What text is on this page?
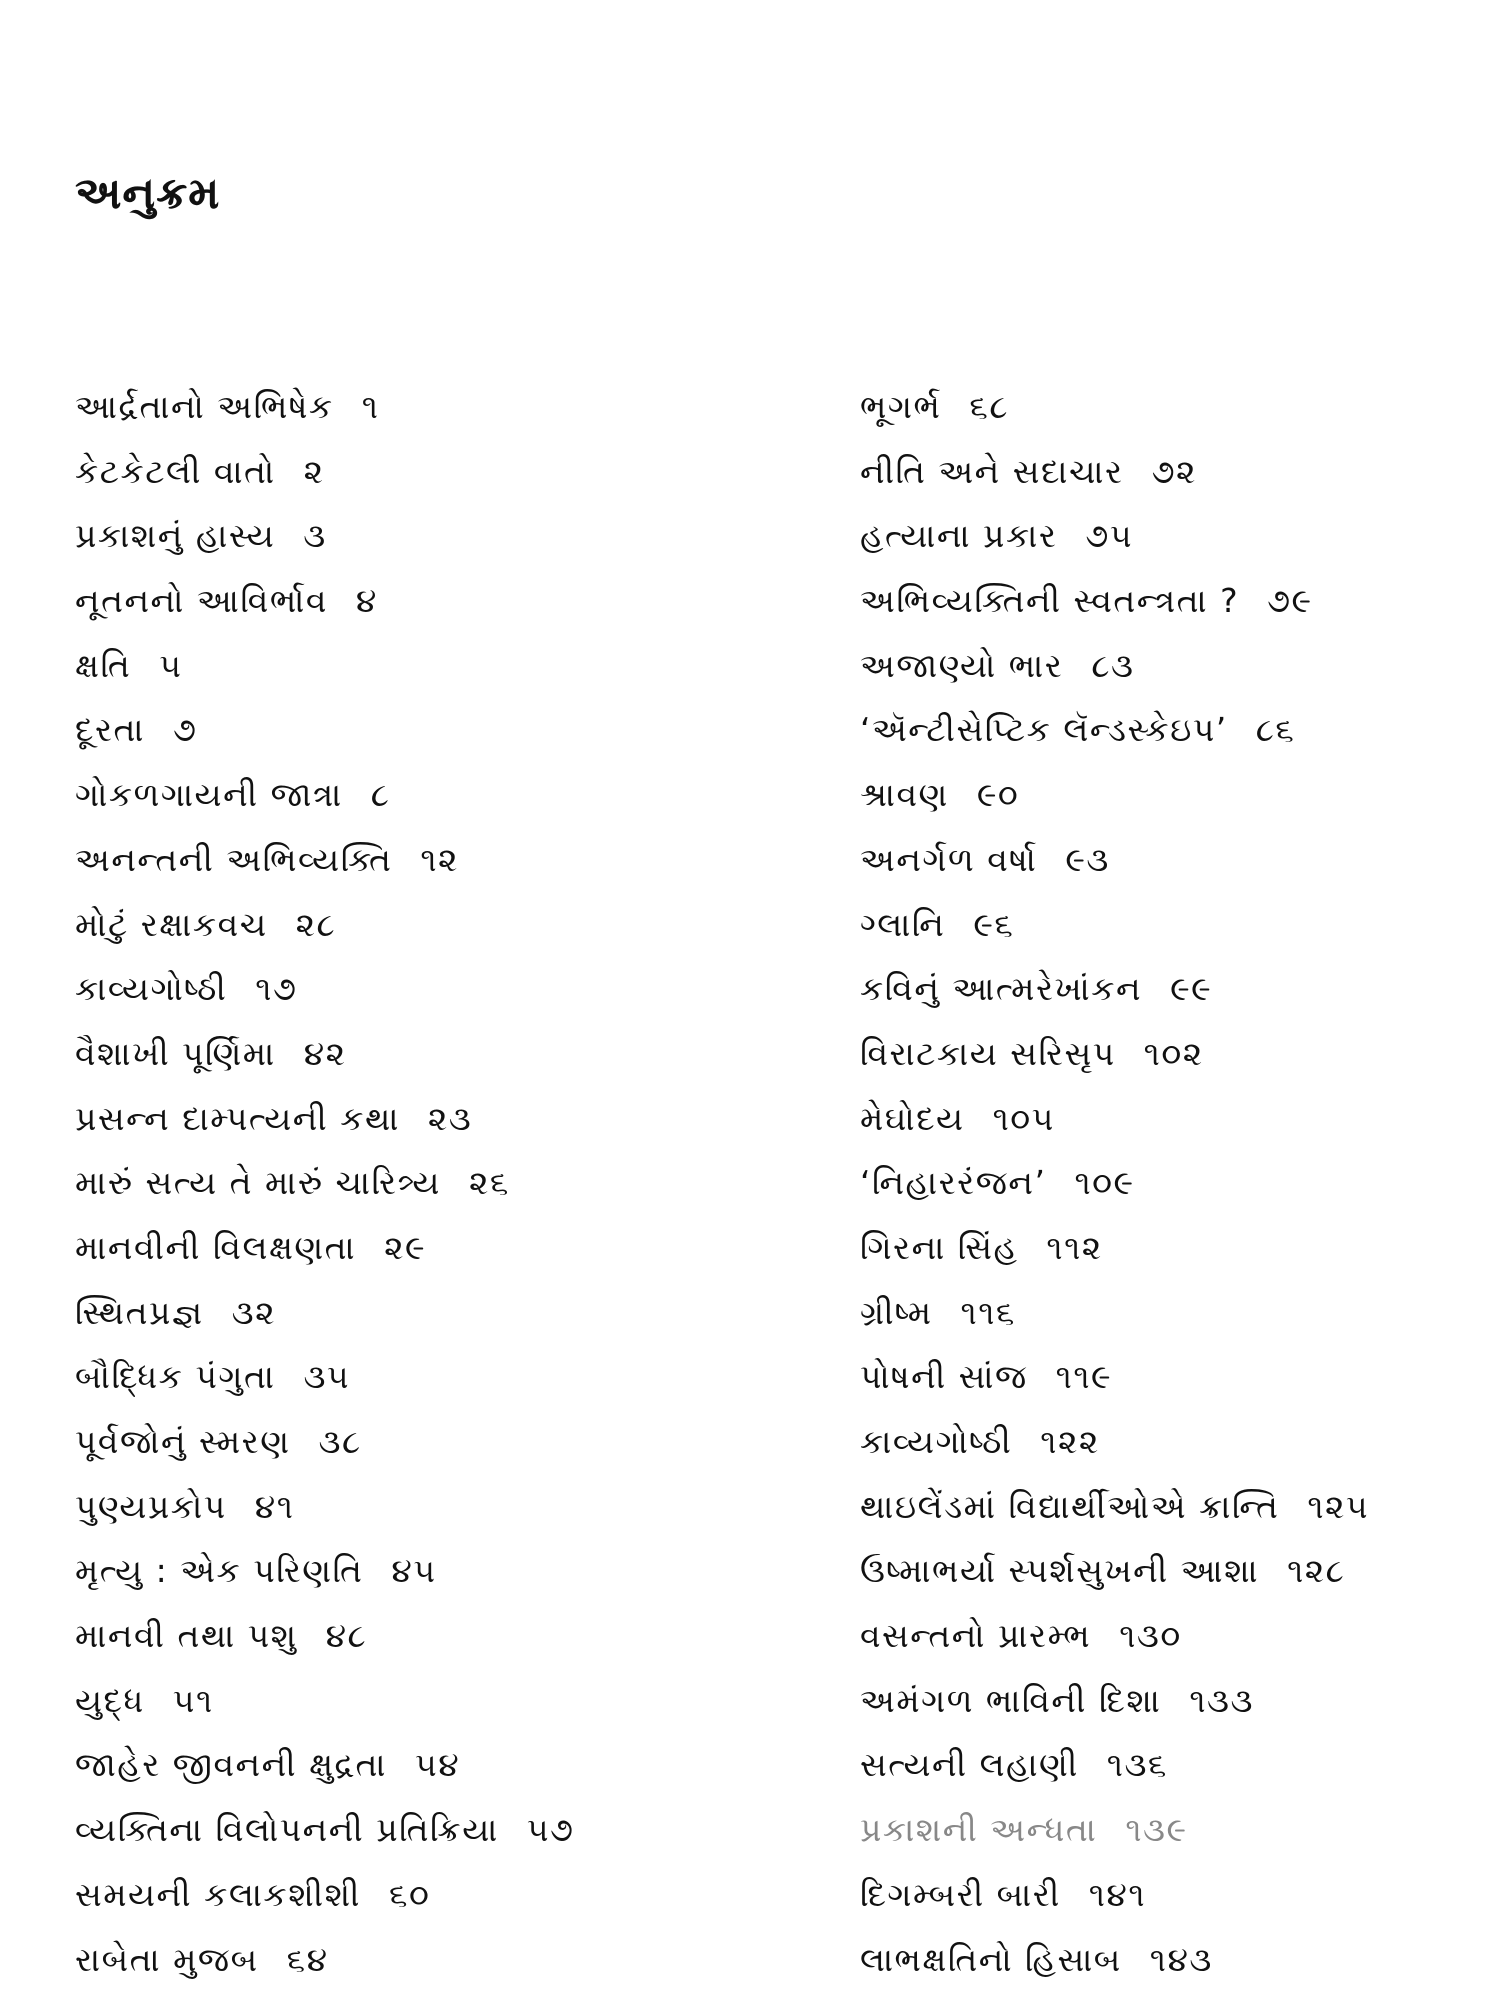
અનુક્રમ
આર્દ્રતાનો અભિષેક ૧
કેટકેટલી વાતો ૨
પ્રકાશનું હાસ્ય ૩
નૂતનનો આવિર્ભાવ ૪
ક્ષતિ ૫
દૂરતા ૭
ગોકળગાયની જાત્રા ૮
અનન્તની અભિવ્યક્તિ ૧૨
મોટું રક્ષાકવચ ૨૮
કાવ્યગોષ્ઠી ૧૭
વૈશાખી પૂર્ણિમા ૪૨
પ્રસન્ન દામ્પત્યની કથા ૨૩
મારું સત્ય તે મારું ચારિત્ર્ય ૨૬
માનવીની વિલક્ષણતા ૨૯
સ્થિતપ્રજ્ઞ ૩૨
બૌદ્ધિક પંગુતા ૩૫
પૂર્વજોનું સ્મરણ ૩૮
પુણ્યપ્રકોપ ૪૧
મૃત્યુ : એક પરિણતિ ૪૫
માનવી તથા પશુ ૪૮
યુદ્ધ ૫૧
જાહેર જીવનની ક્ષુદ્રતા ૫૪
વ્યક્તિના વિલોપનની પ્રતિક્રિયા ૫૭
સમયની કલાકશીશી ૬૦
રાબેતા મુજબ ૬૪
ભૂગર્ભ ૬૮
નીતિ અને સદાચાર ૭૨
હત્યાના પ્રકાર ૭૫
અભિવ્યક્તિની સ્વતન્ત્રતા ? ૭૯
અજાણ્યો ભાર ૮૩
‘ઍન્ટીસેપ્ટિક લૅન્ડસ્કેઇપ’ ૮૬
શ્રાવણ ૯૦
અનર્ગળ વર્ષા ૯૩
ગ્લાનિ ૯૬
કવિનું આત્મરેખાંકન ૯૯
વિરાટકાય સરિસૃપ ૧૦૨
મેઘોદય ૧૦૫
‘નિહારરંજન’ ૧૦૯
ગિરના સિંહ ૧૧૨
ગ્રીષ્મ ૧૧૬
પોષની સાંજ ૧૧૯
કાવ્યગોષ્ઠી ૧૨૨
થાઇલેંડમાં વિદ્યાર્થીઓએ ક્રાન્તિ ૧૨૫
ઉષ્માભર્યા સ્પર્શસુખની આશા ૧૨૮
વસન્તનો પ્રારમ્ભ ૧૩૦
અમંગળ ભાવિની દિશા ૧૩૩
સત્યની લહાણી ૧૩૬
પ્રકાશની અન્ધતા ૧૩૯
દિગમ્બરી બારી ૧૪૧
લાભક્ષતિનો હિસાબ ૧૪૩
